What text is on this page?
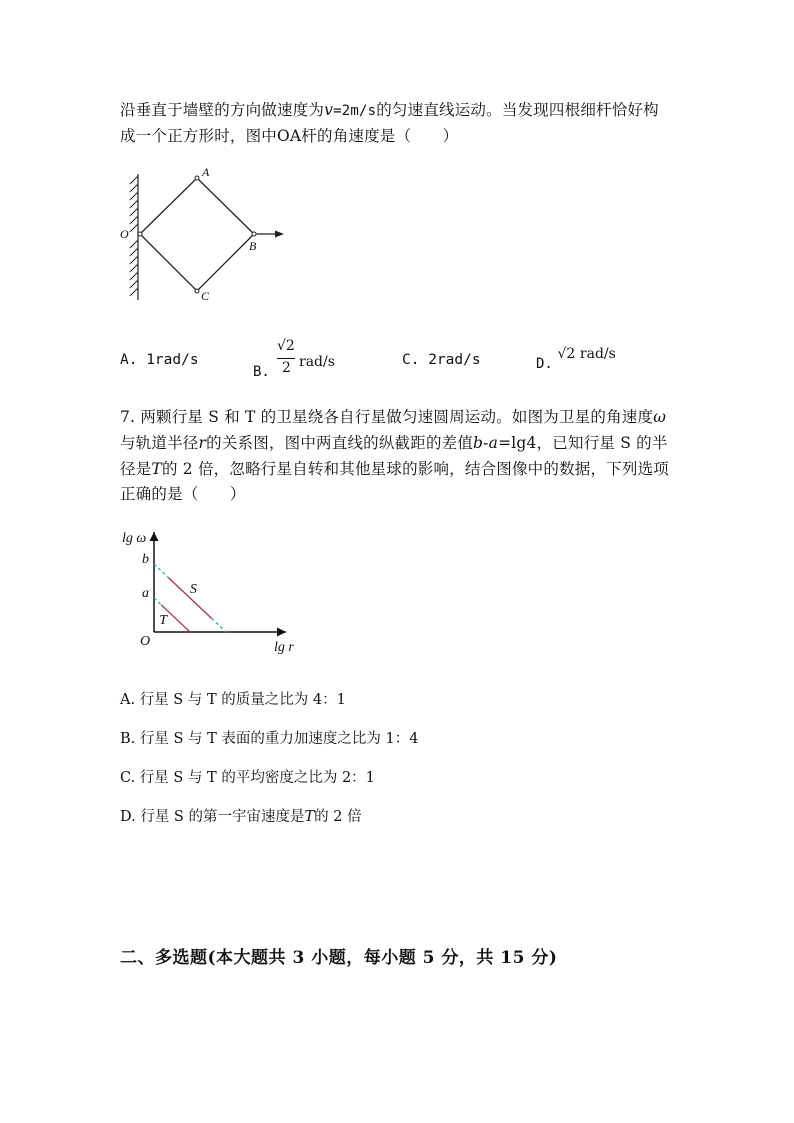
沿垂直于墙壁的方向做速度为v=2m/s的匀速直线运动。当发现四根细杆恰好构
成一个正方形时，图中OA杆的角速度是（　　）
A
B
C
O
A. 1rad/s
B.
√2
2 rad/s	C. 2rad/s	D. √2 rad/s
7. 两颗行星 S 和 T 的卫星绕各自行星做匀速圆周运动。如图为卫星的角速度ω
与轨道半径r的关系图，图中两直线的纵截距的差值b-a=lg4，已知行星 S 的半
径是T的 2 倍，忽略行星自转和其他星球的影响，结合图像中的数据，下列选项
正确的是（　　）
S
T
lg ω
lg r
O
a
b
A. 行星 S 与 T 的质量之比为 4：1
B. 行星 S 与 T 表面的重力加速度之比为 1：4
C. 行星 S 与 T 的平均密度之比为 2：1
D. 行星 S 的第一宇宙速度是T的 2 倍
二、多选题(本大题共 3 小题，每小题 5 分，共 15 分)
